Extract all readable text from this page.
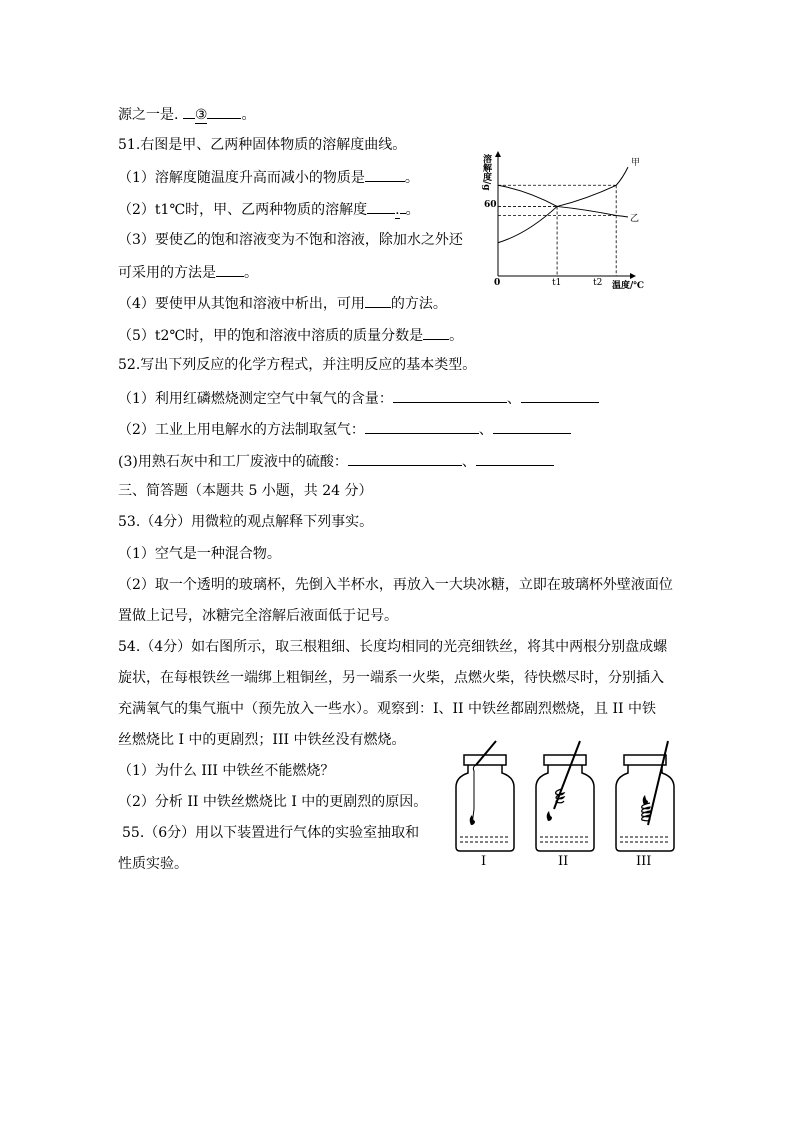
源之一是. ③ 。
51.右图是甲、乙两种固体物质的溶解度曲线。
（1）溶解度随温度升高而减小的物质是	。
（2）t1℃时，甲、乙两种物质的溶解度 . 。
（3）要使乙的饱和溶液变为不饱和溶液，除加水之外还
可采用的方法是 。
（4）要使甲从其饱和溶液中析出，可用 的方法。
（5）t2℃时，甲的饱和溶液中溶质的质量分数是 。
溶解度/g
温度/℃
0
60
t1	t2
甲
乙
52.写出下列反应的化学方程式，并注明反应的基本类型。
（1）利用红磷燃烧测定空气中氧气的含量：	、
（2）工业上用电解水的方法制取氢气：	、
(3)用熟石灰中和工厂废液中的硫酸：	、
三、简答题（本题共 5 小题，共 24 分）
53.（4分）用微粒的观点解释下列事实。
（1）空气是一种混合物。
（2）取一个透明的玻璃杯，先倒入半杯水，再放入一大块冰糖，立即在玻璃杯外壁液面位
置做上记号，冰糖完全溶解后液面低于记号。
54.（4分）如右图所示，取三根粗细、长度均相同的光亮细铁丝，将其中两根分别盘成螺
旋状，在每根铁丝一端绑上粗铜丝，另一端系一火柴，点燃火柴，待快燃尽时，分别插入
充满氧气的集气瓶中（预先放入一些水）。观察到：I、II 中铁丝都剧烈燃烧，且 II 中铁
丝燃烧比 I 中的更剧烈；III 中铁丝没有燃烧。
（1）为什么 III 中铁丝不能燃烧？
（2）分析 II 中铁丝燃烧比 I 中的更剧烈的原因。
55.（6分）用以下装置进行气体的实验室抽取和
性质实验。	I	II	III
